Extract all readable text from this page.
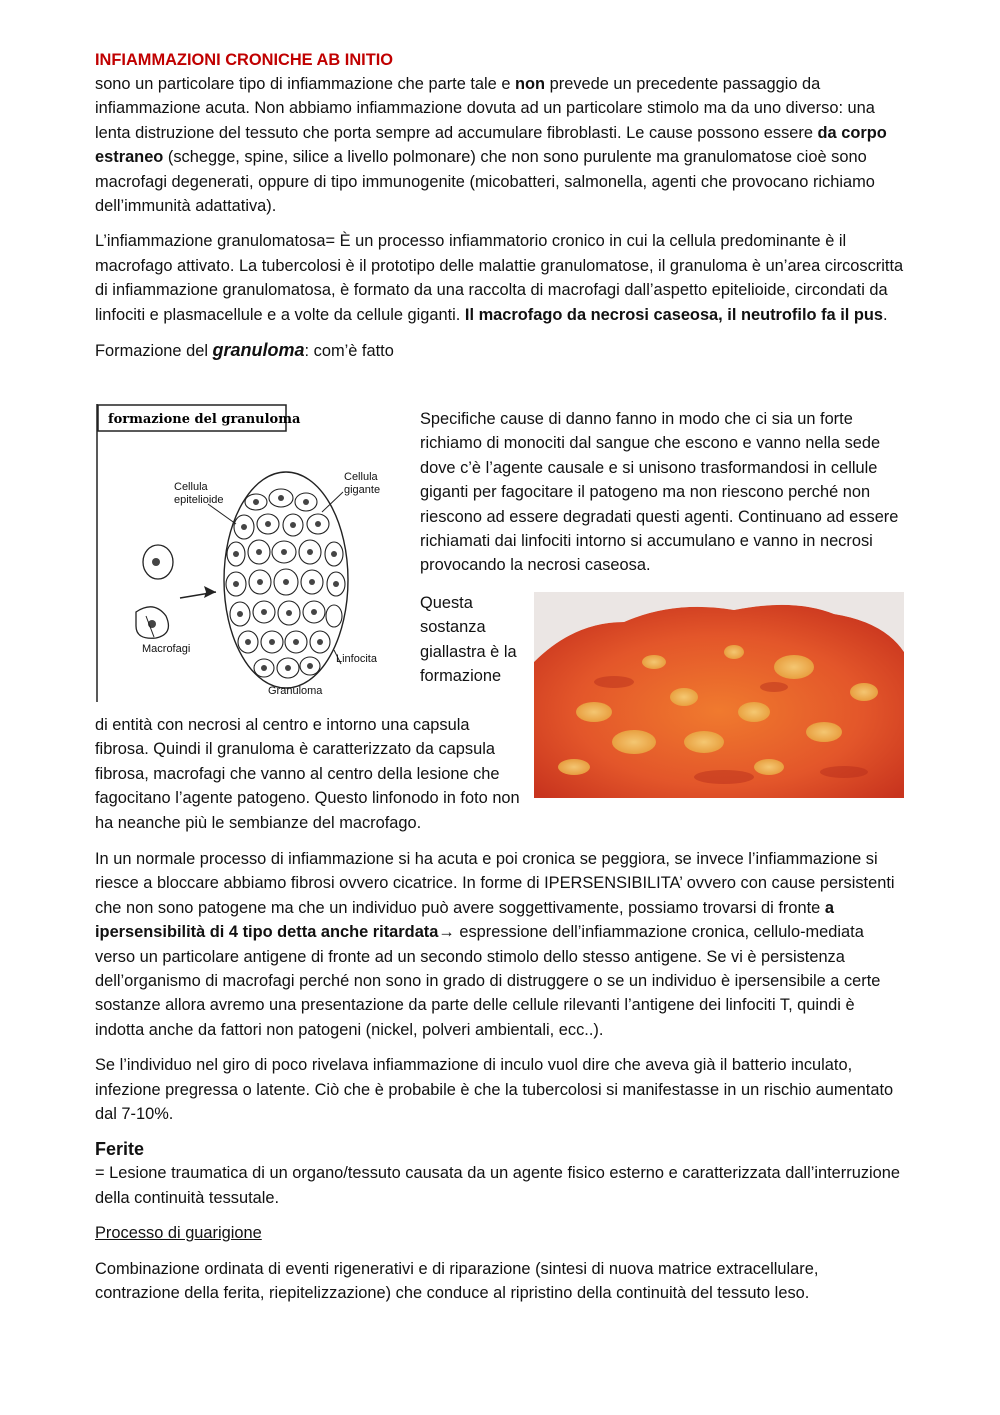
INFIAMMAZIONI CRONICHE AB INITIO

sono un particolare tipo di infiammazione che parte tale e non prevede un precedente passaggio da infiammazione acuta. Non abbiamo infiammazione dovuta ad un particolare stimolo ma da uno diverso: una lenta distruzione del tessuto che porta sempre ad accumulare fibroblasti. Le cause possono essere da corpo estraneo (schegge, spine, silice a livello polmonare) che non sono purulente ma granulomatose cioè sono macrofagi degenerati, oppure di tipo immunogenite (micobatteri, salmonella, agenti che provocano richiamo dell’immunità adattativa).

L’infiammazione granulomatosa= È un processo infiammatorio cronico in cui la cellula predominante è il macrofago attivato. La tubercolosi è il prototipo delle malattie granulomatose, il granuloma è un’area circoscritta di infiammazione granulomatosa, è formato da una raccolta di macrofagi dall’aspetto epitelioide, circondati da linfociti e plasmacellule e a volte da cellule giganti. Il macrofago da necrosi caseosa, il neutrofilo fa il pus.

Formazione del granuloma: com’è fatto

formazione del granuloma
Cellula
epitelioide
Cellula
gigante
Macrofagi
Linfocita
Granuloma

Specifiche cause di danno fanno in modo che ci sia un forte richiamo di monociti dal sangue che escono e vanno nella sede dove c’è l’agente causale e si unisono trasformandosi in cellule giganti per fagocitare il patogeno ma non riescono perché non riescono ad essere degradati questi agenti. Continuano ad essere richiamati dai linfociti intorno si accumulano e vanno in necrosi provocando la necrosi caseosa.

Questa sostanza giallastra è la formazione

di entità con necrosi al centro e intorno una capsula fibrosa. Quindi il granuloma è caratterizzato da capsula fibrosa, macrofagi che vanno al centro della lesione che fagocitano l’agente patogeno. Questo linfonodo in foto non ha neanche più le sembianze del macrofago.

In un normale processo di infiammazione si ha acuta e poi cronica se peggiora, se invece l’infiammazione si riesce a bloccare abbiamo fibrosi ovvero cicatrice. In forme di IPERSENSIBILITA’ ovvero con cause persistenti che non sono patogene ma che un individuo può avere soggettivamente, possiamo trovarsi di fronte a ipersensibilità di 4 tipo detta anche ritardata→ espressione dell’infiammazione cronica, cellulo-mediata verso un particolare antigene di fronte ad un secondo stimolo dello stesso antigene. Se vi è persistenza dell’organismo di macrofagi perché non sono in grado di distruggere o se un individuo è ipersensibile a certe sostanze allora avremo una presentazione da parte delle cellule rilevanti l’antigene dei linfociti T, quindi è indotta anche da fattori non patogeni (nickel, polveri ambientali, ecc..).

Se l’individuo nel giro di poco rivelava infiammazione di inculo vuol dire che aveva già il batterio inculato, infezione pregressa o latente. Ciò che è probabile è che la tubercolosi si manifestasse in un rischio aumentato dal 7-10%.

Ferite

= Lesione traumatica di un organo/tessuto causata da un agente fisico esterno e caratterizzata dall’interruzione della continuità tessutale.

Processo di guarigione

Combinazione ordinata di eventi rigenerativi e di riparazione (sintesi di nuova matrice extracellulare, contrazione della ferita, riepitelizzazione) che conduce al ripristino della continuità del tessuto leso.
